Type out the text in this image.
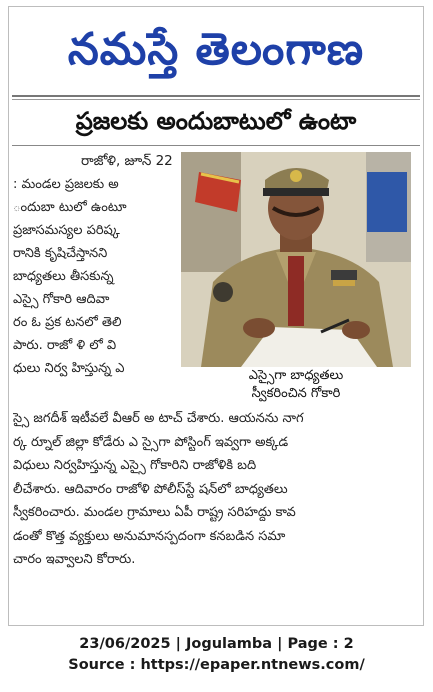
నమస్తే తెలంగాణ
ప్రజలకు అందుబాటులో ఉంటా
రాజోళి, జూన్ 22

: మండల ప్రజలకు అ

ందుబా టులో ఉంటూ

ప్రజాసమస్యల పరిష్క

రానికి కృషిచేస్తానని

బాధ్యతలు తీసకున్న

ఎస్సై గోకారి ఆదివా

రం ఓ ప్రక టనలో తెలి

పారు. రాజో ళి లో వి

ధులు నిర్వ హిస్తున్న ఎ	ఎస్సైగా బాధ్యతలు
స్వీకరించిన గోకారి

స్సై జగదీశ్ ఇటీవలే వీఆర్ అ టాచ్ చేశారు. ఆయనను నాగ

ర్క ర్నూల్ జిల్లా కోడేరు ఎ స్సైగా పోస్టింగ్ ఇవ్వగా అక్కడ

విధులు నిర్వహిస్తున్న ఎస్సై గోకారిని రాజోళికి బది

లీచేశారు. ఆదివారం రాజోళి పోలీస్‌స్టే షన్‌లో బాధ్యతలు

స్వీకరించారు. మండల గ్రామాలు ఏపీ రాష్ట్ర సరిహద్దు కావ

డంతో కొత్త వ్యక్తులు అనుమానస్పదంగా కనబడిన సమా

చారం ఇవ్వాలని కోరారు.

23/06/2025 | Jogulamba | Page : 2
Source : https://epaper.ntnews.com/
